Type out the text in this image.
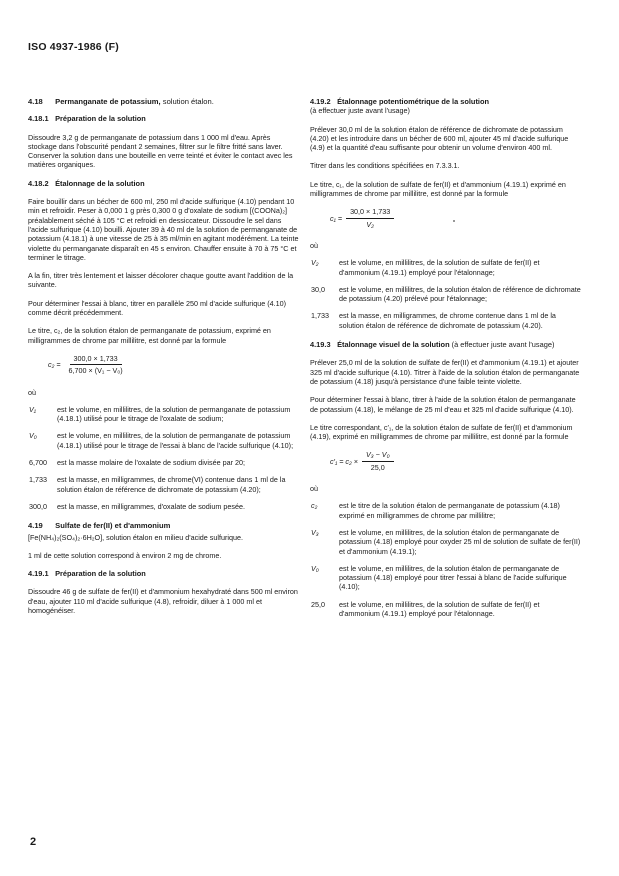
ISO 4937-1986 (F)
4.18 Permanganate de potassium, solution étalon.
4.18.1 Préparation de la solution

Dissoudre 3,2 g de permanganate de potassium dans 1 000 ml d'eau. Après stockage dans l'obscurité pendant 2 semaines, filtrer sur le filtre fritté sans laver. Conserver la solution dans une bouteille en verre teinté et éviter le contact avec les matières organiques.

4.18.2 Étalonnage de la solution

Faire bouillir dans un bécher de 600 ml, 250 ml d'acide sulfurique (4.10) pendant 10 min et refroidir. Peser à 0,000 1 g près 0,300 0 g d'oxalate de sodium [(COONa)₂] préalablement séché à 105 °C et refroidi en dessiccateur. Dissoudre le sel dans l'acide sulfurique (4.10) bouilli. Ajouter 39 à 40 ml de la solution de permanganate de potassium (4.18.1) à une vitesse de 25 à 35 ml/min en agitant modérément. La teinte violette du permanganate disparaît en 45 s environ. Chauffer ensuite à 70 à 75 °C et terminer le titrage.

A la fin, titrer très lentement et laisser décolorer chaque goutte avant l'addition de la suivante.

Pour déterminer l'essai à blanc, titrer en parallèle 250 ml d'acide sulfurique (4.10) comme décrit précédemment.

Le titre, c₂, de la solution étalon de permanganate de potassium, exprimé en milligrammes de chrome par millilitre, est donné par la formule

$c_2 = \frac{300,0 \times 1,733}{\text{6,700 × (V₁ − V₀)}}$
où
V₁	est le volume, en millilitres, de la solution de permanganate de potassium (4.18.1) utilisé pour le titrage de l'oxalate de sodium;
V₀	est le volume, en millilitres, de la solution de permanganate de potassium (4.18.1) utilisé pour le titrage de l'essai à blanc de l'acide sulfurique (4.10);
6,700	est la masse molaire de l'oxalate de sodium divisée par 20;
1,733	est la masse, en milligrammes, de chrome(VI) contenue dans 1 ml de la solution étalon de référence de dichromate de potassium (4.20);
300,0	est la masse, en milligrammes, d'oxalate de sodium pesée.
4.19 Sulfate de fer(II) et d'ammonium

[Fe(NH₄)₂(SO₄)₂·6H₂O], solution étalon en milieu d'acide sulfurique.

1 ml de cette solution correspond à environ 2 mg de chrome.

4.19.1 Préparation de la solution

Dissoudre 46 g de sulfate de fer(II) et d'ammonium hexahydraté dans 500 ml environ d'eau, ajouter 110 ml d'acide sulfurique (4.8), refroidir, diluer à 1 000 ml et homogénéiser.

4.19.2 Étalonnage potentiométrique de la solution

(à effectuer juste avant l'usage)

Prélever 30,0 ml de la solution étalon de référence de dichromate de potassium (4.20) et les introduire dans un bécher de 600 ml, ajouter 45 ml d'acide sulfurique (4.9) et la quantité d'eau suffisante pour obtenir un volume d'environ 400 ml.

Titrer dans les conditions spécifiées en 7.3.3.1.

Le titre, c₁, de la solution de sulfate de fer(II) et d'ammonium (4.19.1) exprimé en milligrammes de chrome par millilitre, est donné par la formule

$c_1 = \frac{30,0 \times 1,733}{\text{V₂}}$
où
V₂	est le volume, en millilitres, de la solution de sulfate de fer(II) et d'ammonium (4.19.1) employé pour l'étalonnage;
30,0	est le volume, en millilitres, de la solution étalon de référence de dichromate de potassium (4.20) prélevé pour l'étalonnage;
1,733	est la masse, en milligrammes, de chrome contenue dans 1 ml de la solution étalon de référence de dichromate de potassium (4.20).
4.19.3 Étalonnage visuel de la solution (à effectuer juste avant l'usage)

Prélever 25,0 ml de la solution de sulfate de fer(II) et d'ammonium (4.19.1) et ajouter 325 ml d'acide sulfurique (4.10). Titrer à l'aide de la solution étalon de permanganate de potassium (4.18) jusqu'à persistance d'une faible teinte violette.

Pour déterminer l'essai à blanc, titrer à l'aide de la solution étalon de permanganate de potassium (4.18), le mélange de 25 ml d'eau et 325 ml d'acide sulfurique (4.10).

Le titre correspondant, c′₁, de la solution étalon de sulfate de fer(II) et d'ammonium (4.19), exprimé en milligrammes de chrome par millilitre, est donné par la formule

$c'_1 = c_2 \times \frac{\text{V₃ − V₀}}{25,0}$
où
c₂	est le titre de la solution étalon de permanganate de potassium (4.18) exprimé en milligrammes de chrome par millilitre;
V₃	est le volume, en millilitres, de la solution étalon de permanganate de potassium (4.18) employé pour oxyder 25 ml de solution de sulfate de fer(II) et d'ammonium (4.19.1);
V₀	est le volume, en millilitres, de la solution étalon de permanganate de potassium (4.18) employé pour titrer l'essai à blanc de l'acide sulfurique (4.10);
25,0	est le volume, en millilitres, de la solution de sulfate de fer(II) et d'ammonium (4.19.1) employé pour l'étalonnage.
2
